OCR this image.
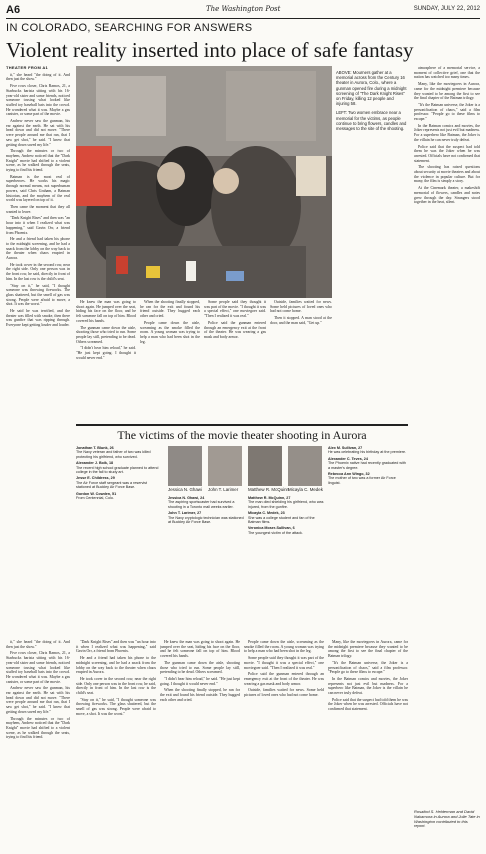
A6	The Washington Post	SUNDAY, JULY 22, 2012
IN COLORADO, SEARCHING FOR ANSWERS
Violent reality inserted into place of safe fantasy
THEATER FROM A1

it," she heard "the doing of it. And then just the show."

Five rows closer, Chris Ramos, 21, a Starbucks barista sitting with his 16-year-old sister and some friends, noticed someone tossing what looked like stuffed toy baseball bats into the crowd. He wondered what it was. Maybe a gas canister, or some part of the movie.

Andrew never saw the gunman, his ear against the earth. He sat with his head down and did not move. "There were people around me that ran, that I saw get shot," he said. "I knew that getting down saved my life."

Through the minutes or two of mayhem, Andrew noticed that the "Dark Knight" movie had shifted to a violent scene, as he walked through the seats, trying to find his friend.

Batman is the most real of superheroes. He works his magic through normal means, not superhuman powers, said Chris Graham, a Batman historian, and the mayhem of the real world was layered on top of it.

Then came the moment that they all wanted to leave.

"Dark Knight Rises" and then was "an hour into it when I realized what was happening," said Gavin Orr, a friend from Phoenix.

He and a friend had taken his phone to the midnight screening, and he had a snack from the lobby on the way back to the theater when chaos erupted in Aurora.

He took cover in the second row, near the right side. Only one person was in the front row, he said, directly in front of him. In the last row is the child's seat.

"Stay on it," he said, "I thought someone was throwing fireworks. The glass shattered, but the smell of gas was strong. People were afraid to move, a shot. It was the worst."

He said he was terrified, and the theater was filled with smoke, then there was gunfire that was ripping through. Everyone kept getting louder and louder.

ABOVE: Mourners gather at a memorial across from the Century 16 theater in Aurora, Colo., where a gunman opened fire during a midnight screening of "The Dark Knight Rises" on Friday, killing 12 people and injuring 58.

LEFT: Two women embrace near a memorial for the victims, as people continue to bring flowers, candles and messages to the site of the shooting.

atmosphere of a memorial service, a moment of collective grief, one that the nation has watched too many times.

Many, like the moviegoers in Aurora, came for the midnight premiere because they wanted to be among the first to see the final chapter of the Batman trilogy.

"It's the Batman universe, the Joker is a personification of chaos," said a film professor. "People go to these films to escape."

In the Batman comics and movies, the Joker represents not just evil but madness. For a superhero like Batman, the Joker is the villain he can never truly defeat.

Police said that the suspect had told them he was the Joker when he was arrested. Officials have not confirmed that statement.

The shooting has raised questions about security at movie theaters and about the violence in popular culture. But for many, the film is simply a story.

At the Cinemark theater, a makeshift memorial of flowers, candles and notes grew through the day. Strangers stood together in the heat, silent.

He knew the man was going to shoot again. He jumped over the seat, hiding his face on the floor, and he felt someone fall on top of him. Blood covered his hands.

The gunman came down the aisle, shooting those who tried to run. Some people lay still, pretending to be dead. Others screamed.

"I didn't hear him reload," he said. "He just kept going. I thought it would never end."

When the shooting finally stopped, he ran for the exit and found his friend outside. They hugged each other and cried.

People came down the aisle, screaming as the smoke filled the room. A young woman was trying to help a man who had been shot in the leg.

Some people said they thought it was part of the movie. "I thought it was a special effect," one moviegoer said. "Then I realized it was real."

Police said the gunman entered through an emergency exit at the front of the theater. He was wearing a gas mask and body armor.

Outside, families waited for news. Some held pictures of loved ones who had not come home.

Then it stopped. A man stood at the door, and the man said, "Get up."

The victims of the movie theater shooting in Aurora
Jessica N. Ghawi John T. Larimer	Matthew R. McQuinn Micayla C. Medek

Jonathan T. Blunk, 26
The Navy veteran and father of two was killed protecting his girlfriend, who survived.

Alexander J. Boik, 18
The recent high school graduate planned to attend college in the fall to study art.

Jesse E. Childress, 29
The Air Force staff sergeant was a reservist stationed at Buckley Air Force Base.

Gordon W. Cowden, 51
From Centennial, Colo.	Jessica N. Ghawi, 24
The aspiring sportscaster had survived a shooting in a Toronto mall weeks earlier.

John T. Larimer, 27
The Navy cryptologic technician was stationed at Buckley Air Force Base.

Matthew R. McQuinn, 27
The man died shielding his girlfriend, who was injured, from the gunfire.

Micayla C. Medek, 23
She was a college student and fan of the Batman films.

Veronica Moser-Sullivan, 6
The youngest victim of the attack.

Alex M. Sullivan, 27
He was celebrating his birthday at the premiere.

Alexander C. Teves, 24
The Phoenix native had recently graduated with a master's degree.

Rebecca Ann Wingo, 32
The mother of two was a former Air Force linguist.

it," she heard "the doing of it. And then just the show."

Five rows closer, Chris Ramos, 21, a Starbucks barista sitting with his 16-year-old sister and some friends, noticed someone tossing what looked like stuffed toy baseball bats into the crowd. He wondered what it was. Maybe a gas canister, or some part of the movie.

Andrew never saw the gunman, his ear against the earth. He sat with his head down and did not move. "There were people around me that ran, that I saw get shot," he said. "I knew that getting down saved my life."

Through the minutes or two of mayhem, Andrew noticed that the "Dark Knight" movie had shifted to a violent scene, as he walked through the seats, trying to find his friend.

"Dark Knight Rises" and then was "an hour into it when I realized what was happening," said Gavin Orr, a friend from Phoenix.

He and a friend had taken his phone to the midnight screening, and he had a snack from the lobby on the way back to the theater when chaos erupted in Aurora.

He took cover in the second row, near the right side. Only one person was in the front row, he said, directly in front of him. In the last row is the child's seat.

"Stay on it," he said, "I thought someone was throwing fireworks. The glass shattered, but the smell of gas was strong. People were afraid to move, a shot. It was the worst."

He knew the man was going to shoot again. He jumped over the seat, hiding his face on the floor, and he felt someone fall on top of him. Blood covered his hands.

The gunman came down the aisle, shooting those who tried to run. Some people lay still, pretending to be dead. Others screamed.

"I didn't hear him reload," he said. "He just kept going. I thought it would never end."

When the shooting finally stopped, he ran for the exit and found his friend outside. They hugged each other and cried.

People came down the aisle, screaming as the smoke filled the room. A young woman was trying to help a man who had been shot in the leg.

Some people said they thought it was part of the movie. "I thought it was a special effect," one moviegoer said. "Then I realized it was real."

Police said the gunman entered through an emergency exit at the front of the theater. He was wearing a gas mask and body armor.

Outside, families waited for news. Some held pictures of loved ones who had not come home.

Many, like the moviegoers in Aurora, came for the midnight premiere because they wanted to be among the first to see the final chapter of the Batman trilogy.

"It's the Batman universe, the Joker is a personification of chaos," said a film professor. "People go to these films to escape."

In the Batman comics and movies, the Joker represents not just evil but madness. For a superhero like Batman, the Joker is the villain he can never truly defeat.

Police said that the suspect had told them he was the Joker when he was arrested. Officials have not confirmed that statement.

Rosalind S. Helderman and David Nakamura in Aurora and Julie Tate in Washington contributed to this report.
